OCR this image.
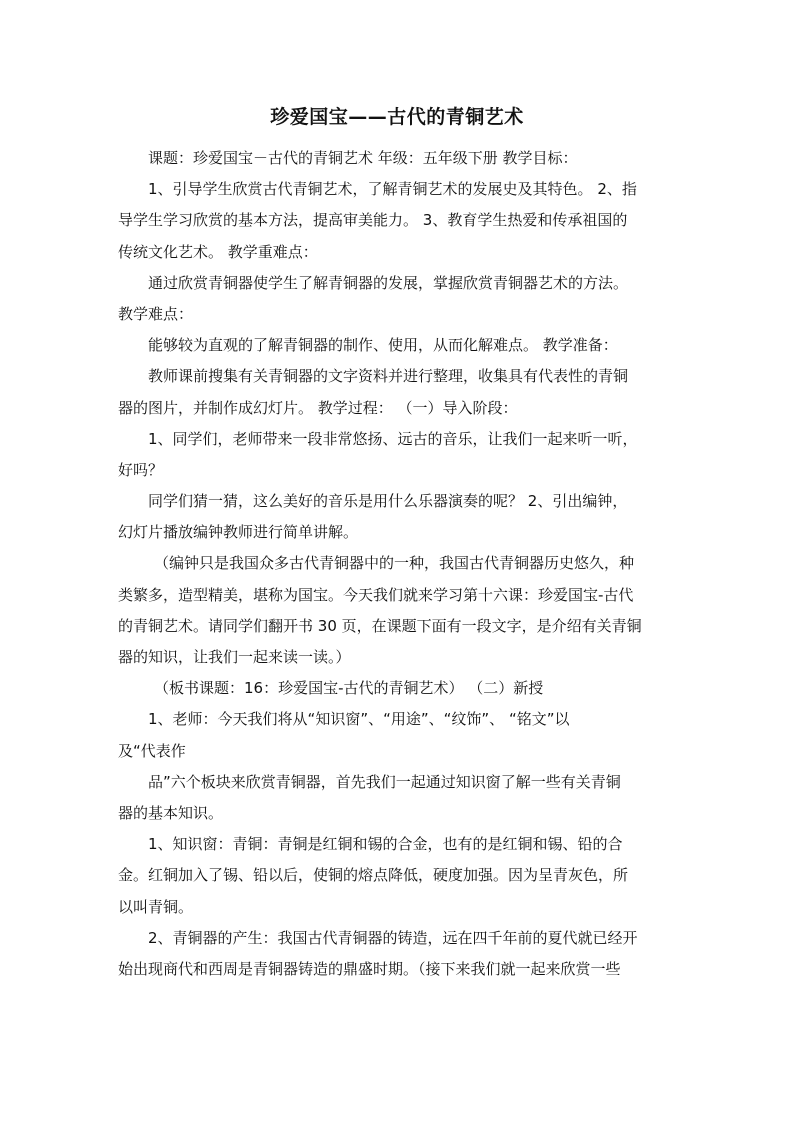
珍爱国宝——古代的青铜艺术
课题：珍爱国宝－古代的青铜艺术 年级：五年级下册 教学目标：
1、引导学生欣赏古代青铜艺术，了解青铜艺术的发展史及其特色。 2、指
导学生学习欣赏的基本方法，提高审美能力。 3、教育学生热爱和传承祖国的
传统文化艺术。 教学重难点：
通过欣赏青铜器使学生了解青铜器的发展，掌握欣赏青铜器艺术的方法。
教学难点：
能够较为直观的了解青铜器的制作、使用，从而化解难点。 教学准备：
教师课前搜集有关青铜器的文字资料并进行整理，收集具有代表性的青铜
器的图片，并制作成幻灯片。 教学过程： （一）导入阶段：
1、同学们，老师带来一段非常悠扬、远古的音乐，让我们一起来听一听，
好吗？
同学们猜一猜，这么美好的音乐是用什么乐器演奏的呢？ 2、引出编钟，
幻灯片播放编钟教师进行简单讲解。
（编钟只是我国众多古代青铜器中的一种，我国古代青铜器历史悠久，种
类繁多，造型精美，堪称为国宝。今天我们就来学习第十六课：珍爱国宝-古代
的青铜艺术。请同学们翻开书 30 页，在课题下面有一段文字，是介绍有关青铜
器的知识，让我们一起来读一读。）
（板书课题：16：珍爱国宝-古代的青铜艺术） （二）新授
1、老师：今天我们将从“知识窗”、“用途”、“纹饰”、 “铭文”以
及“代表作
品”六个板块来欣赏青铜器，首先我们一起通过知识窗了解一些有关青铜
器的基本知识。
1、知识窗：青铜：青铜是红铜和锡的合金，也有的是红铜和锡、铅的合
金。红铜加入了锡、铅以后，使铜的熔点降低，硬度加强。因为呈青灰色，所
以叫青铜。
2、青铜器的产生：我国古代青铜器的铸造，远在四千年前的夏代就已经开
始出现商代和西周是青铜器铸造的鼎盛时期。（接下来我们就一起来欣赏一些
